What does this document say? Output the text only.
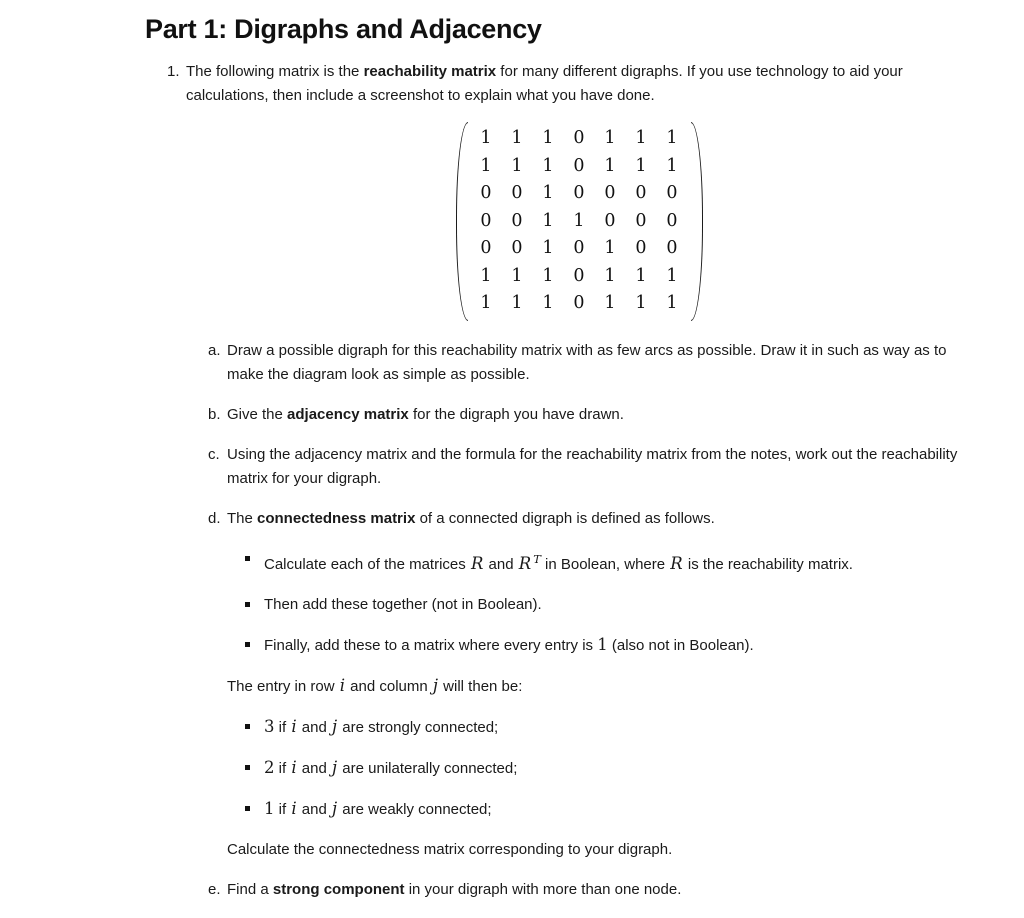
Part 1: Digraphs and Adjacency
1. The following matrix is the reachability matrix for many different digraphs. If you use technology to aid your calculations, then include a screenshot to explain what you have done.

1	1	1	0	1	1	1
1	1	1	0	1	1	1
0	0	1	0	0	0	0
0	0	1	1	0	0	0
0	0	1	0	1	0	0
1	1	1	0	1	1	1
1	1	1	0	1	1	1
a. Draw a possible digraph for this reachability matrix with as few arcs as possible. Draw it in such as way as to make the diagram look as simple as possible.
b. Give the adjacency matrix for the digraph you have drawn.
c. Using the adjacency matrix and the formula for the reachability matrix from the notes, work out the reachability matrix for your digraph.
d. The connectedness matrix of a connected digraph is defined as follows.
Calculate each of the matrices R and R $^T$ in Boolean, where R is the reachability matrix.
Then add these together (not in Boolean).
Finally, add these to a matrix where every entry is 1 (also not in Boolean).
The entry in row i and column j will then be:
3 if i and j are strongly connected;
2 if i and j are unilaterally connected;
1 if i and j are weakly connected;
Calculate the connectedness matrix corresponding to your digraph.
e. Find a strong component in your digraph with more than one node.
